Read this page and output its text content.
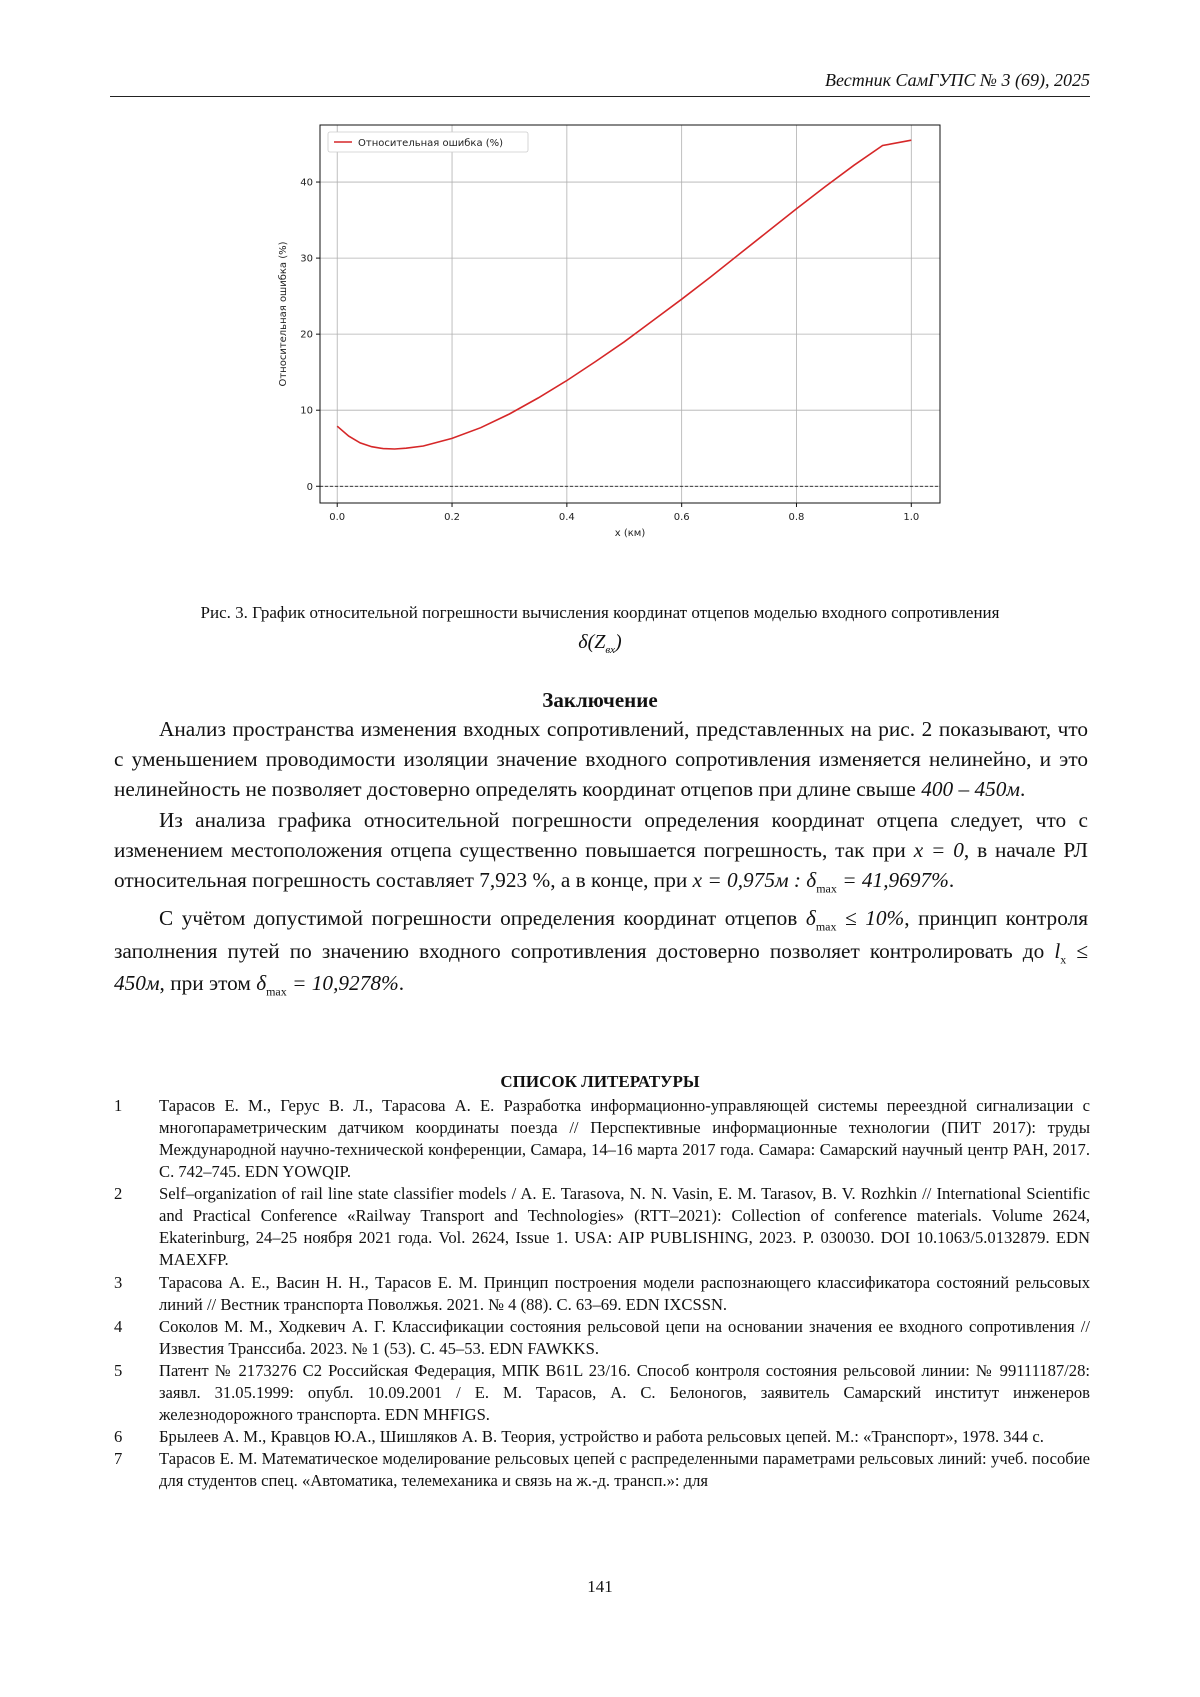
Вестник СамГУПС № 3 (69), 2025
0.0	0.2	0.4	0.6	0.8	1.0
0
10
20
30
40
x (км)
Относительная ошибка (%)
Относительная ошибка (%)
Рис. 3. График относительной погрешности вычисления координат отцепов моделью входного сопротивления
$\delta(Z_{вх})$
Заключение

Анализ пространства изменения входных сопротивлений, представленных на рис. 2 показывают, что с уменьшением проводимости изоляции значение входного сопротивления изменяется нелинейно, и это нелинейность не позволяет достоверно определять координат отцепов при длине свыше 400 – 450м.

Из анализа графика относительной погрешности определения координат отцепа следует, что с изменением местоположения отцепа существенно повышается погрешность, так при x = 0, в начале РЛ относительная погрешность составляет 7,923 %, а в конце, при x = 0,975м : $\delta_{max} = 41,9697\%$.

С учётом допустимой погрешности определения координат отцепов $\delta_{max} \le 10\%$, принцип контроля заполнения путей по значению входного сопротивления достоверно позволяет контролировать до $l_x \le 450м$, при этом $\delta_{max} = 10,9278\%$.

СПИСОК ЛИТЕРАТУРЫ
1	Тарасов Е. М., Герус В. Л., Тарасова А. Е. Разработка информационно-управляющей системы переездной сигнализации с многопараметрическим датчиком координаты поезда // Перспективные информационные технологии (ПИТ 2017): труды Международной научно-технической конференции, Самара, 14–16 марта 2017 года. Самара: Самарский научный центр РАН, 2017. С. 742–745. EDN YOWQIP.
2	Self–organization of rail line state classifier models / A. E. Tarasova, N. N. Vasin, E. M. Tarasov, B. V. Rozhkin // International Scientific and Practical Conference «Railway Transport and Technologies» (RTT–2021): Collection of conference materials. Volume 2624, Ekaterinburg, 24–25 ноября 2021 года. Vol. 2624, Issue 1. USA: AIP PUBLISHING, 2023. P. 030030. DOI 10.1063/5.0132879. EDN MAEXFP.
3	Тарасова А. Е., Васин Н. Н., Тарасов Е. М. Принцип построения модели распознающего классификатора состояний рельсовых линий // Вестник транспорта Поволжья. 2021. № 4 (88). С. 63–69. EDN IXCSSN.
4	Соколов М. М., Ходкевич А. Г. Классификации состояния рельсовой цепи на основании значения ее входного сопротивления // Известия Транссиба. 2023. № 1 (53). С. 45–53. EDN FAWKKS.
5	Патент № 2173276 C2 Российская Федерация, МПК B61L 23/16. Способ контроля состояния рельсовой линии: № 99111187/28: заявл. 31.05.1999: опубл. 10.09.2001 / Е. М. Тарасов, А. С. Белоногов, заявитель Самарский институт инженеров железнодорожного транспорта. EDN MHFIGS.
6	Брылеев А. М., Кравцов Ю.А., Шишляков А. В. Теория, устройство и работа рельсовых цепей. М.: «Транспорт», 1978. 344 с.
7	Тарасов Е. М. Математическое моделирование рельсовых цепей с распределенными параметрами рельсовых линий: учеб. пособие для студентов спец. «Автоматика, телемеханика и связь на ж.-д. трансп.»: для
141
